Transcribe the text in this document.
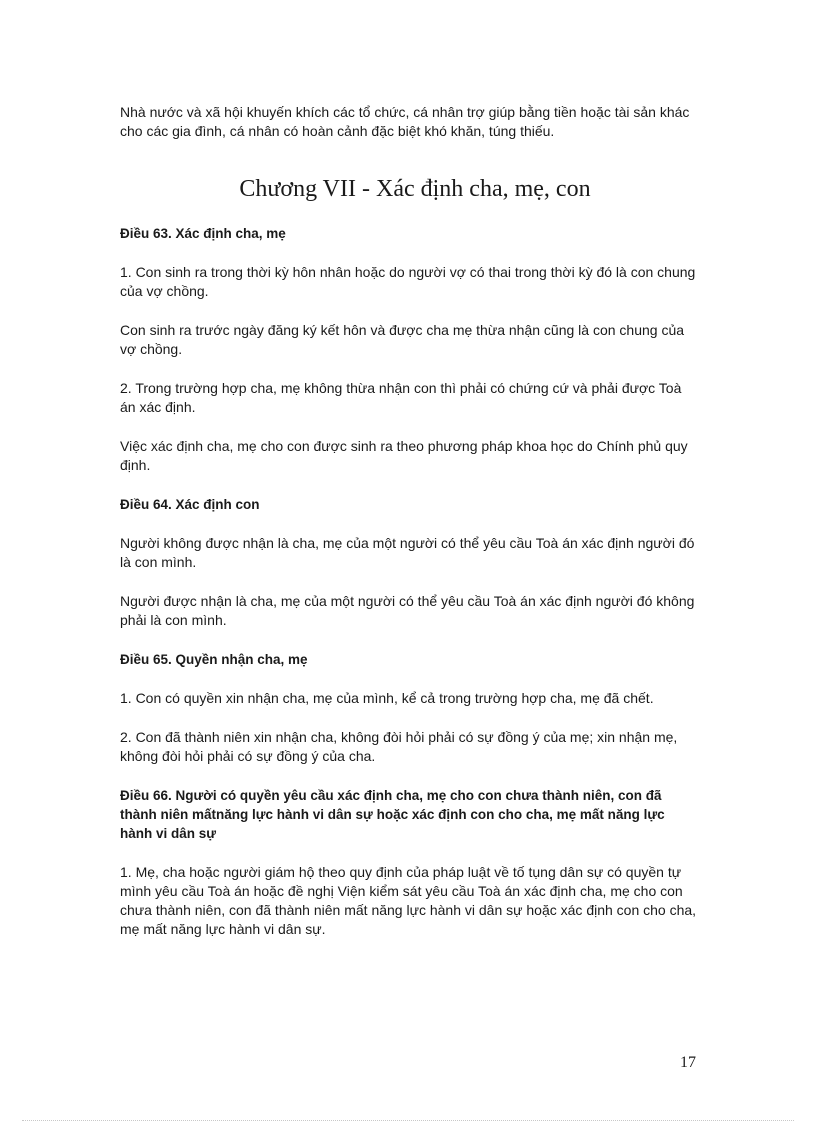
Nhà nước và xã hội khuyến khích các tổ chức, cá nhân trợ giúp bằng tiền hoặc tài sản khác cho các gia đình, cá nhân có hoàn cảnh đặc biệt khó khăn, túng thiếu.

Chương VII - Xác định cha, mẹ, con

Điều 63. Xác định cha, mẹ

1. Con sinh ra trong thời kỳ hôn nhân hoặc do người vợ có thai trong thời kỳ đó là con chung của vợ chồng.

Con sinh ra trước ngày đăng ký kết hôn và được cha mẹ thừa nhận cũng là con chung của vợ chồng.

2. Trong trường hợp cha, mẹ không thừa nhận con thì phải có chứng cứ và phải được Toà án xác định.

Việc xác định cha, mẹ cho con được sinh ra theo phương pháp khoa học do Chính phủ quy định.

Điều 64. Xác định con

Người không được nhận là cha, mẹ của một người có thể yêu cầu Toà án xác định người đó là con mình.

Người được nhận là cha, mẹ của một người có thể yêu cầu Toà án xác định người đó không phải là con mình.

Điều 65. Quyền nhận cha, mẹ

1. Con có quyền xin nhận cha, mẹ của mình, kể cả trong trường hợp cha, mẹ đã chết.

2. Con đã thành niên xin nhận cha, không đòi hỏi phải có sự đồng ý của mẹ; xin nhận mẹ, không đòi hỏi phải có sự đồng ý của cha.

Điều 66. Người có quyền yêu cầu xác định cha, mẹ cho con chưa thành niên, con đã thành niên mấtnăng lực hành vi dân sự hoặc xác định con cho cha, mẹ mất năng lực hành vi dân sự

1. Mẹ, cha hoặc người giám hộ theo quy định của pháp luật về tố tụng dân sự có quyền tự mình yêu cầu Toà án hoặc đề nghị Viện kiểm sát yêu cầu Toà án xác định cha, mẹ cho con chưa thành niên, con đã thành niên mất năng lực hành vi dân sự hoặc xác định con cho cha, mẹ mất năng lực hành vi dân sự.

17
